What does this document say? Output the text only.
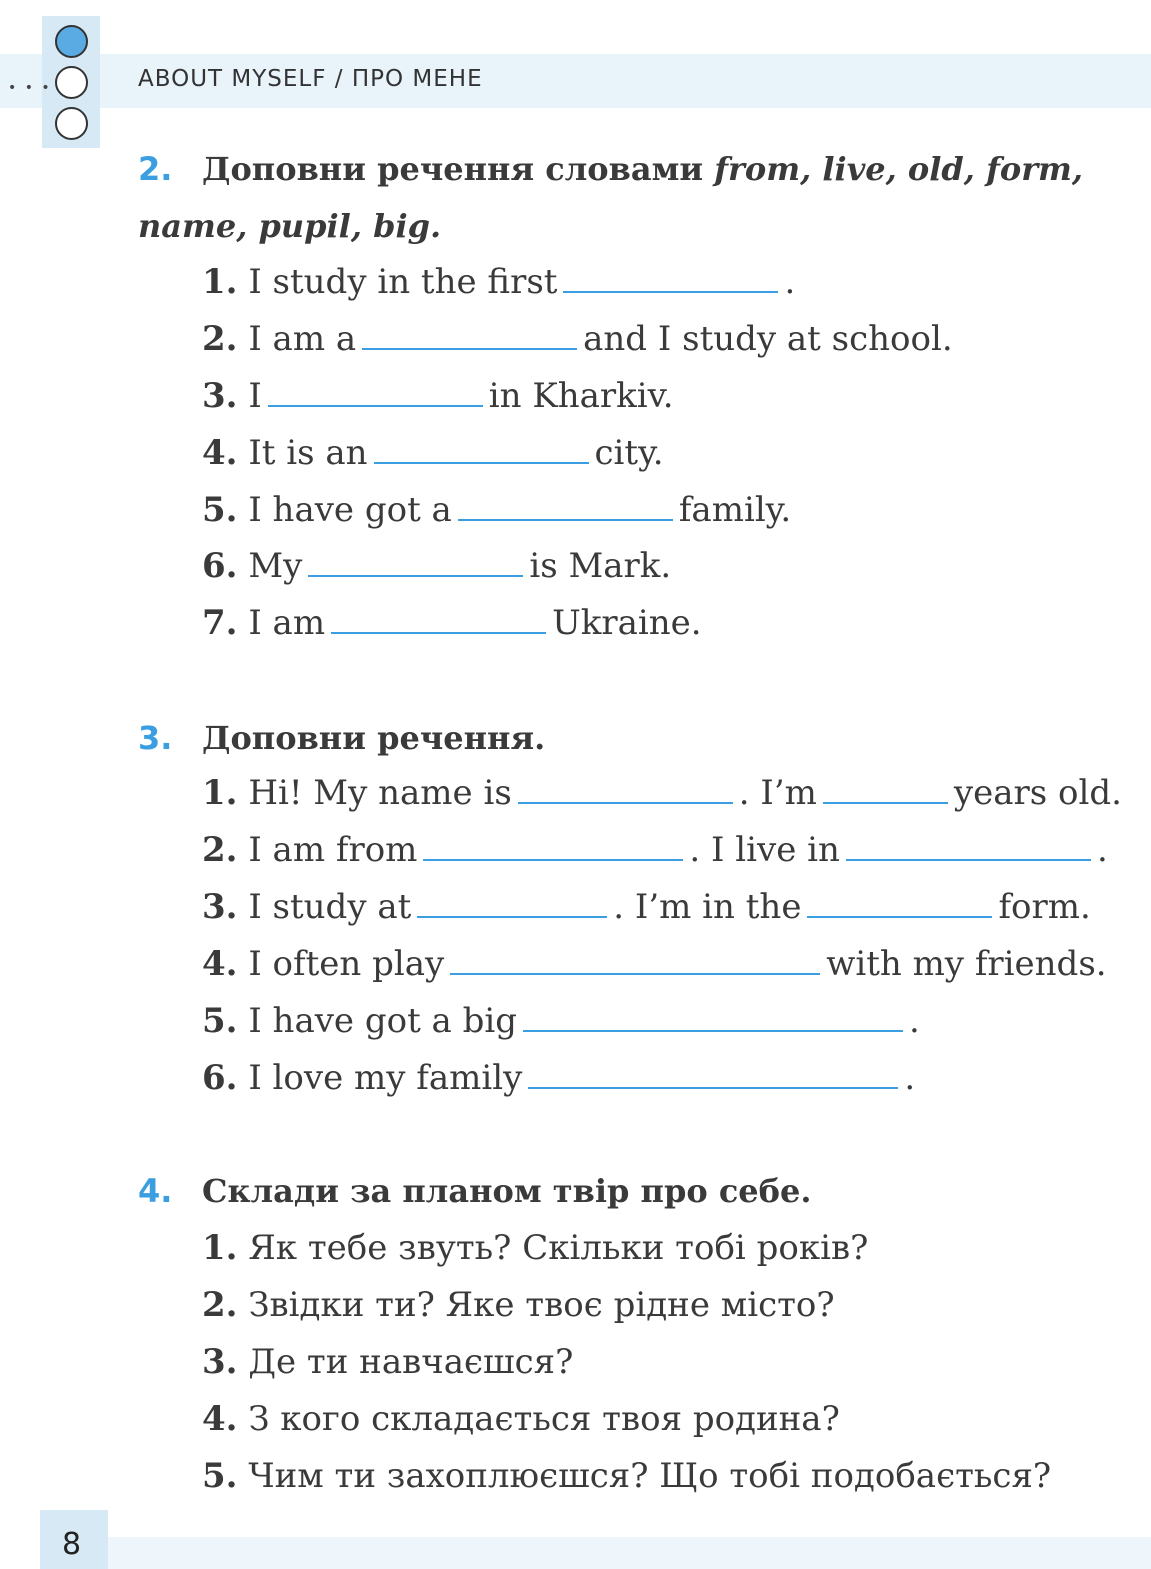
• • •	ABOUT MYSELF / ПРО МЕНЕ
2. Доповни речення словами from, live, old, form,
name, pupil, big.
1. I study in the first	.
2. I am a	and I study at school.
3. I	in Kharkiv.
4. It is an	city.
5. I have got a	family.
6. My	is Mark.
7. I am	Ukraine.
3. Доповни речення.
1. Hi! My name is	. I’m	years old.
2. I am from	. I live in	.
3. I study at	. I’m in the	form.
4. I often play	with my friends.
5. I have got a big	.
6. I love my family	.
4. Склади за планом твір про себе.
1. Як тебе звуть? Скільки тобі років?
2. Звідки ти? Яке твоє рідне місто?
3. Де ти навчаєшся?
4. З кого складається твоя родина?
5. Чим ти захоплюєшся? Що тобі подобається?
8
